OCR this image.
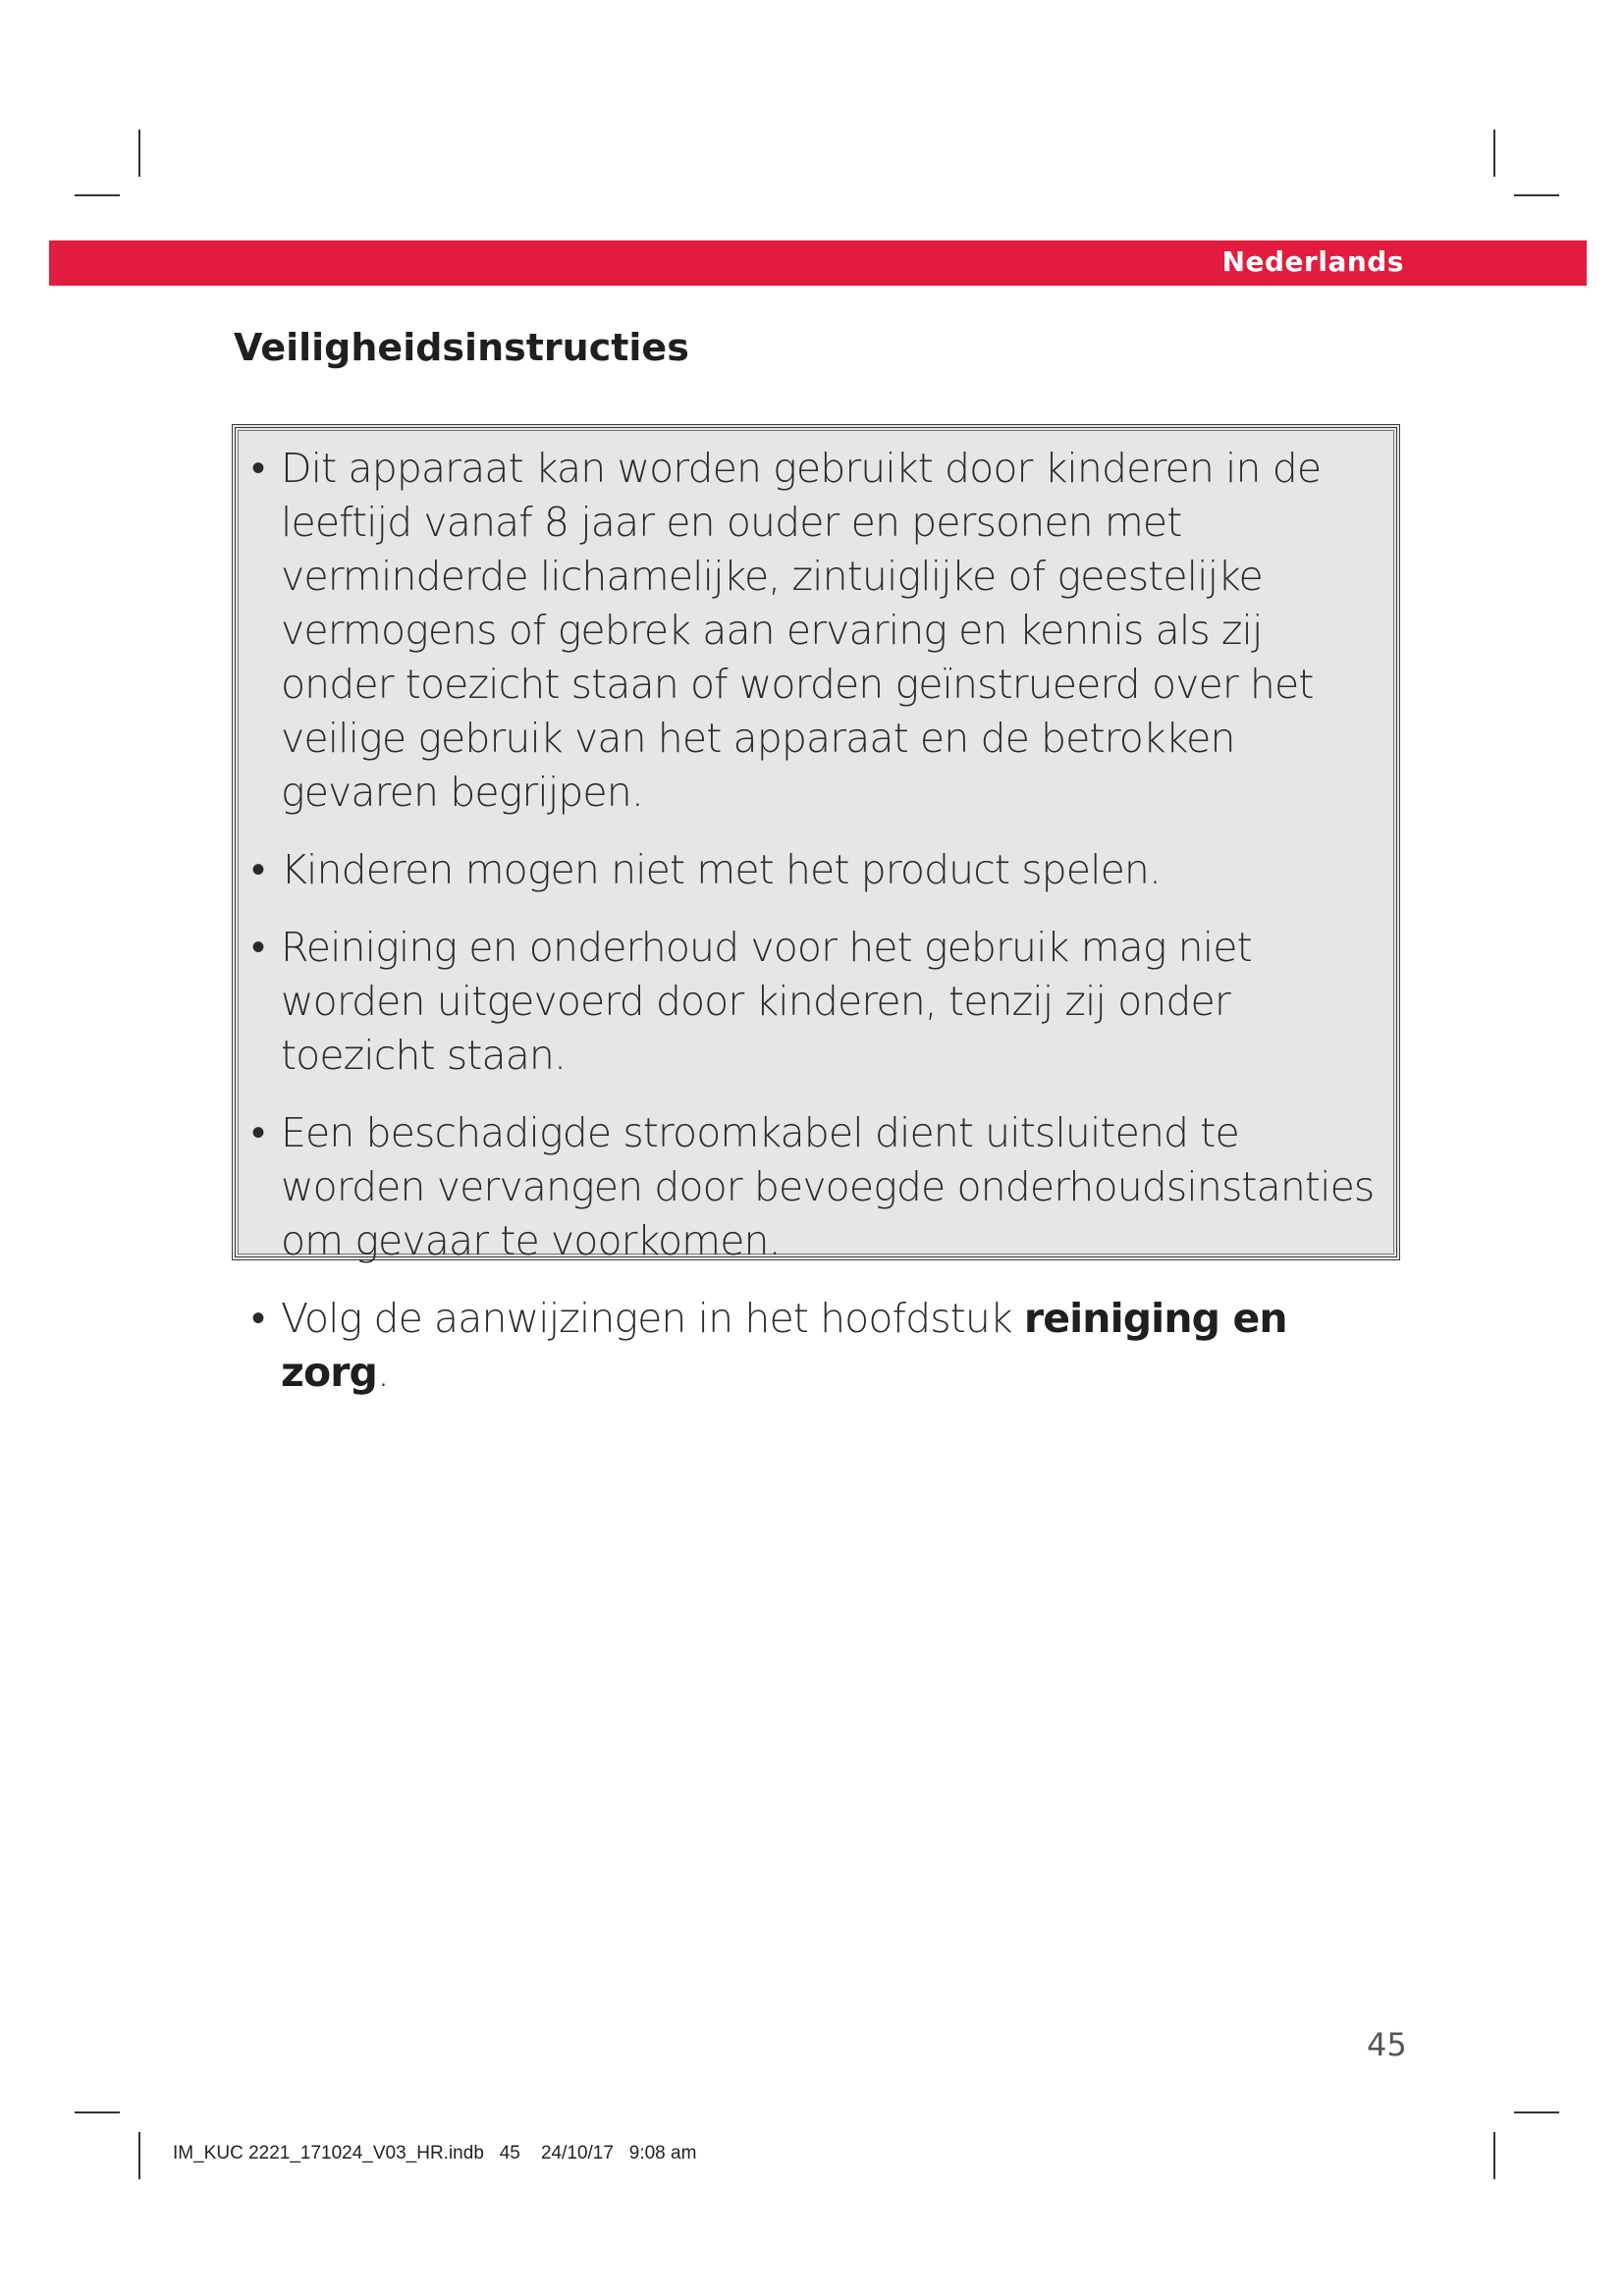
Nederlands
Veiligheidsinstructies
• Dit apparaat kan worden gebruikt door kinderen in de leeftijd vanaf 8 jaar en ouder en personen met verminderde lichamelijke, zintuiglijke of geestelijke vermogens of gebrek aan ervaring en kennis als zij onder toezicht staan of worden geïnstrueerd over het veilige gebruik van het apparaat en de betrokken gevaren begrijpen.
• Kinderen mogen niet met het product spelen.
• Reiniging en onderhoud voor het gebruik mag niet worden uitgevoerd door kinderen, tenzij zij onder toezicht staan.
• Een beschadigde stroomkabel dient uitsluitend te worden vervangen door bevoegde onderhoudsinstanties om gevaar te voorkomen.
• Volg de aanwijzingen in het hoofdstuk reiniging en zorg.
45
IM_KUC 2221_171024_V03_HR.indb   45    24/10/17   9:08 am
